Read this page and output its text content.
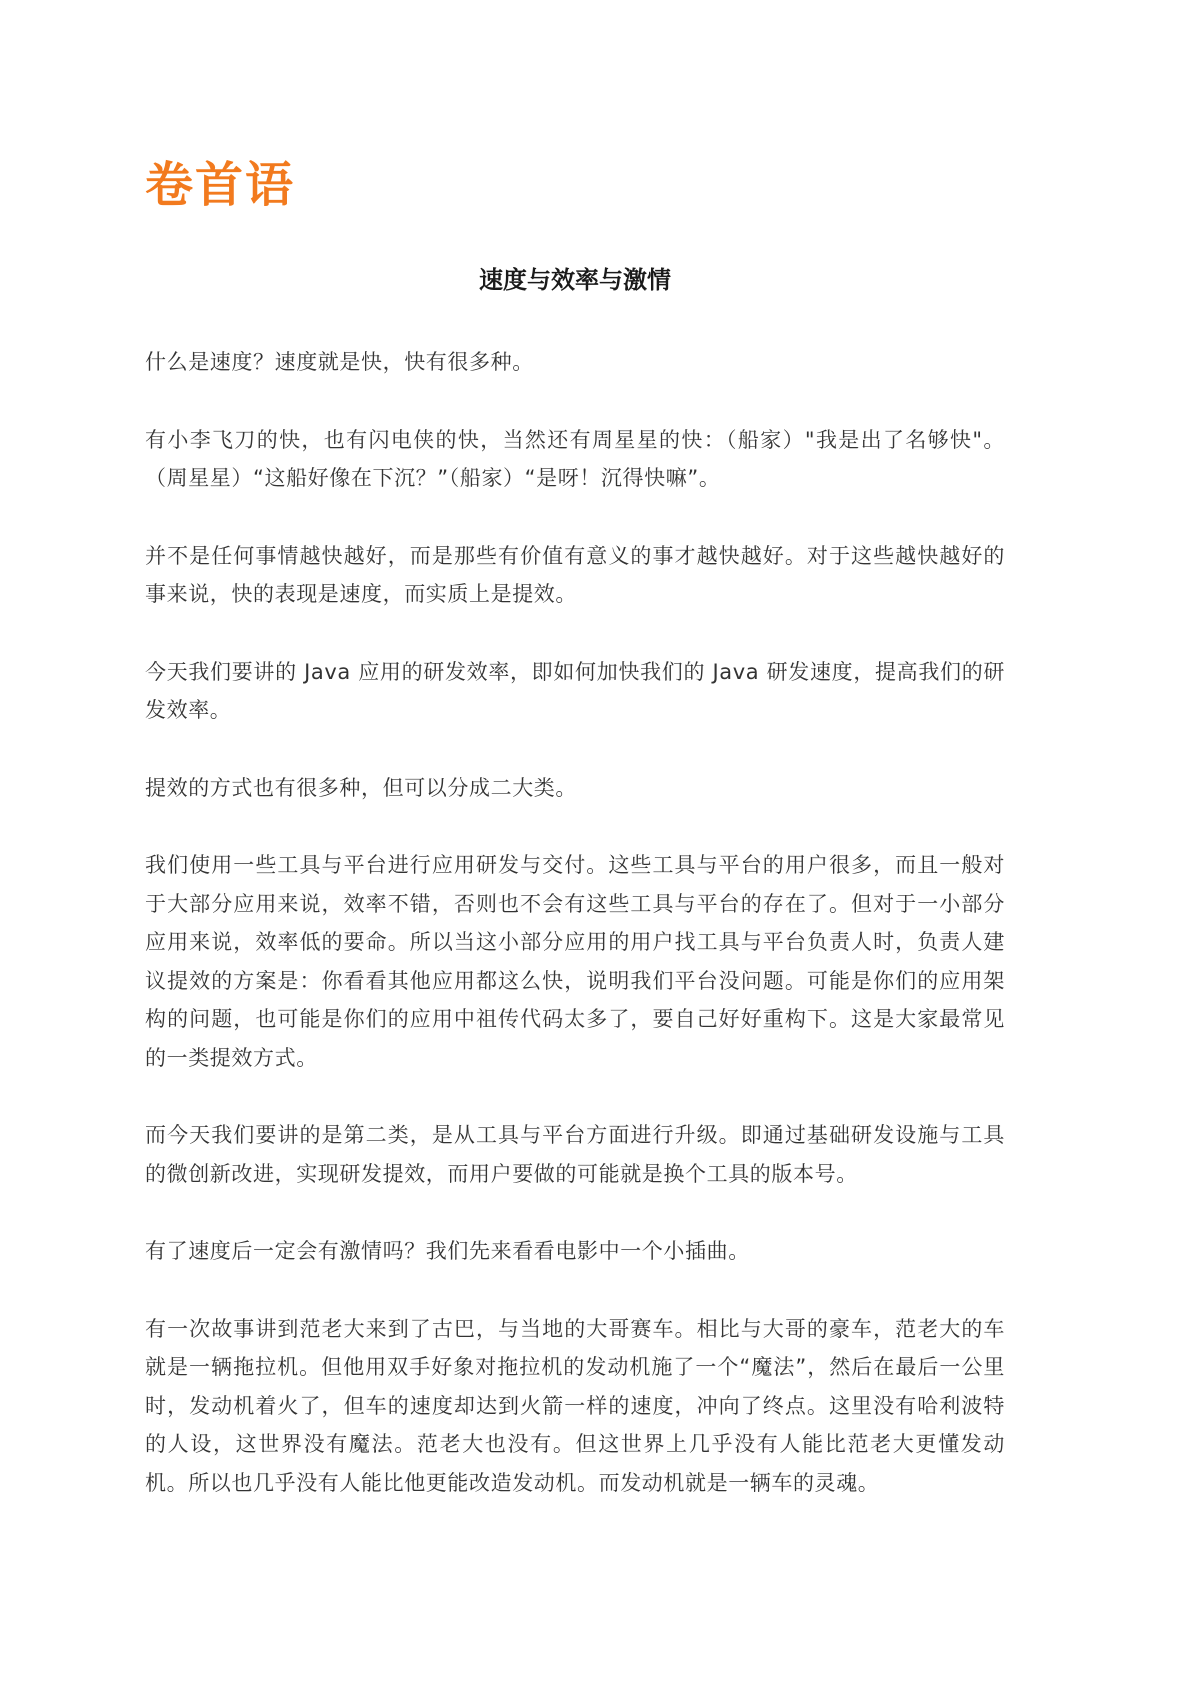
卷首语
速度与效率与激情

什么是速度？速度就是快，快有很多种。

有小李飞刀的快，也有闪电侠的快，当然还有周星星的快：（船家）"我是出了名够快"。（周星星）“这船好像在下沉？”（船家）“是呀！沉得快嘛”。

并不是任何事情越快越好，而是那些有价值有意义的事才越快越好。对于这些越快越好的事来说，快的表现是速度，而实质上是提效。

今天我们要讲的 Java 应用的研发效率，即如何加快我们的 Java 研发速度，提高我们的研发效率。

提效的方式也有很多种，但可以分成二大类。

我们使用一些工具与平台进行应用研发与交付。这些工具与平台的用户很多，而且一般对于大部分应用来说，效率不错，否则也不会有这些工具与平台的存在了。但对于一小部分应用来说，效率低的要命。所以当这小部分应用的用户找工具与平台负责人时，负责人建议提效的方案是：你看看其他应用都这么快，说明我们平台没问题。可能是你们的应用架构的问题，也可能是你们的应用中祖传代码太多了，要自己好好重构下。这是大家最常见的一类提效方式。

而今天我们要讲的是第二类，是从工具与平台方面进行升级。即通过基础研发设施与工具的微创新改进，实现研发提效，而用户要做的可能就是换个工具的版本号。

有了速度后一定会有激情吗？我们先来看看电影中一个小插曲。

有一次故事讲到范老大来到了古巴，与当地的大哥赛车。相比与大哥的豪车，范老大的车就是一辆拖拉机。但他用双手好象对拖拉机的发动机施了一个“魔法”，然后在最后一公里时，发动机着火了，但车的速度却达到火箭一样的速度，冲向了终点。这里没有哈利波特的人设，这世界没有魔法。范老大也没有。但这世界上几乎没有人能比范老大更懂发动机。所以也几乎没有人能比他更能改造发动机。而发动机就是一辆车的灵魂。
